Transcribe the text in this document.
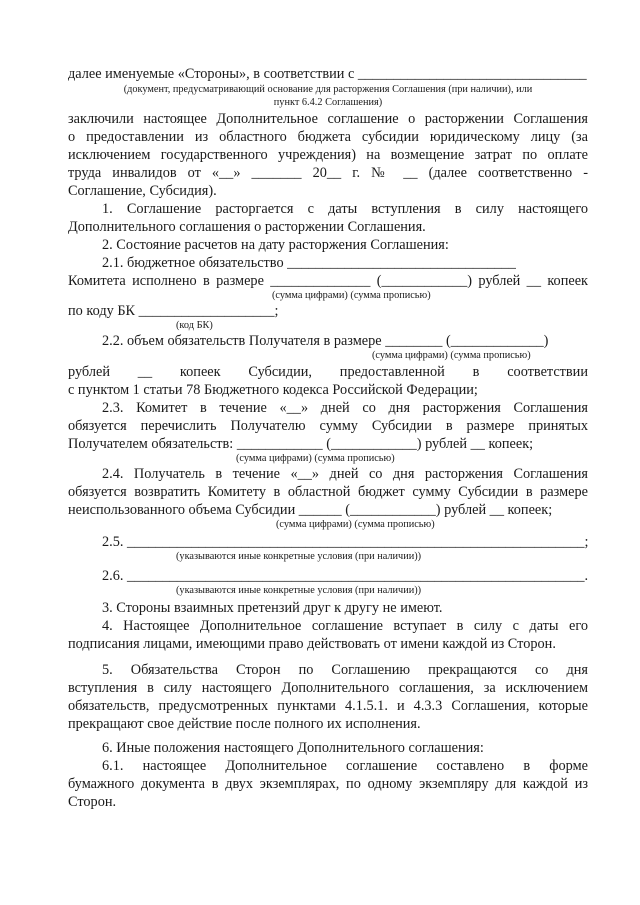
далее именуемые «Стороны», в соответствии с ________________________________
(документ, предусматривающий основание для расторжения Соглашения (при наличии), или
пункт 6.4.2 Соглашения)
заключили настоящее Дополнительное соглашение о расторжении Соглашения
о предоставлении из областного бюджета субсидии юридическому лицу (за
исключением государственного учреждения) на возмещение затрат по оплате
труда инвалидов от «__» _______ 20__ г. № __ (далее соответственно -
Соглашение, Субсидия).
1. Соглашение расторгается с даты вступления в силу настоящего
Дополнительного соглашения о расторжении Соглашения.
2. Состояние расчетов на дату расторжения Соглашения:
2.1. бюджетное обязательство ________________________________
Комитета исполнено в размере ______________ (____________) рублей __ копеек
(сумма цифрами) (сумма прописью)
по коду БК ___________________;
(код БК)
2.2. объем обязательств Получателя в размере ________ (_____________)
(сумма цифрами) (сумма прописью)
рублей __ копеек Субсидии, предоставленной в соответствии
с пунктом 1 статьи 78 Бюджетного кодекса Российской Федерации;
2.3. Комитет в течение «__» дней со дня расторжения Соглашения
обязуется перечислить Получателю сумму Субсидии в размере принятых
Получателем обязательств: ____________ (____________) рублей __ копеек;
(сумма цифрами) (сумма прописью)
2.4. Получатель в течение «__» дней со дня расторжения Соглашения
обязуется возвратить Комитету в областной бюджет сумму Субсидии в размере
неиспользованного объема Субсидии ______ (____________) рублей __ копеек;
(сумма цифрами) (сумма прописью)
2.5. ________________________________________________________________;
(указываются иные конкретные условия (при наличии))
2.6. ________________________________________________________________.
(указываются иные конкретные условия (при наличии))
3. Стороны взаимных претензий друг к другу не имеют.
4. Настоящее Дополнительное соглашение вступает в силу с даты его
подписания лицами, имеющими право действовать от имени каждой из Сторон.
5. Обязательства Сторон по Соглашению прекращаются со дня
вступления в силу настоящего Дополнительного соглашения, за исключением
обязательств, предусмотренных пунктами 4.1.5.1. и 4.3.3 Соглашения, которые
прекращают свое действие после полного их исполнения.
6. Иные положения настоящего Дополнительного соглашения:
6.1. настоящее Дополнительное соглашение составлено в форме
бумажного документа в двух экземплярах, по одному экземпляру для каждой из
Сторон.
